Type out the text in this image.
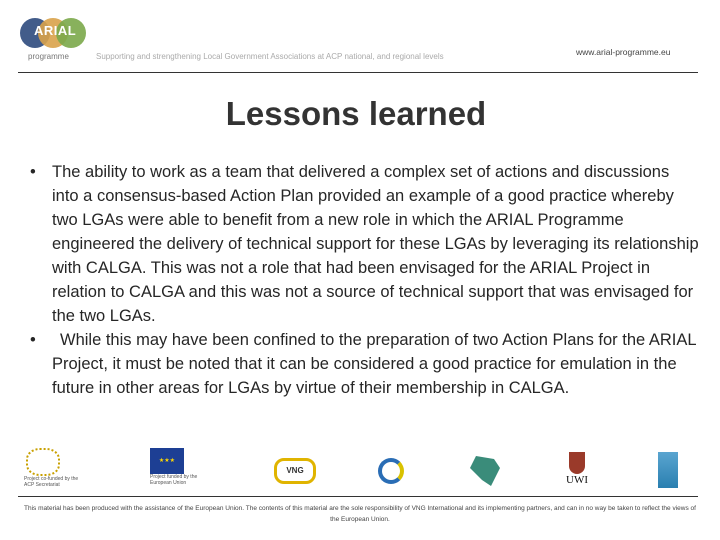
ARIAL
programme	Supporting and strengthening Local Government Associations at ACP national, and regional levels	www.arial-programme.eu
Lessons learned
• The ability to work as a team that delivered a complex set of actions and discussions into a consensus-based Action Plan provided an example of a good practice whereby two LGAs were able to benefit from a new role in which the ARIAL Programme engineered the delivery of technical support for these LGAs by leveraging its relationship with CALGA. This was not a role that had been envisaged for the ARIAL Project in relation to CALGA and this was not a source of technical support that was envisaged for the two LGAs.
• While this may have been confined to the preparation of two Action Plans for the ARIAL Project, it must be noted that it can be considered a good practice for emulation in the future in other areas for LGAs by virtue of their membership in CALGA.
Project co-funded by the ACP Secretariat
★★★
Project funded by the European Union
VNG
UWI
This material has been produced with the assistance of the European Union. The contents of this material are the sole responsibility of VNG International and its implementing partners, and can in no way be taken to reflect the views of the European Union.
